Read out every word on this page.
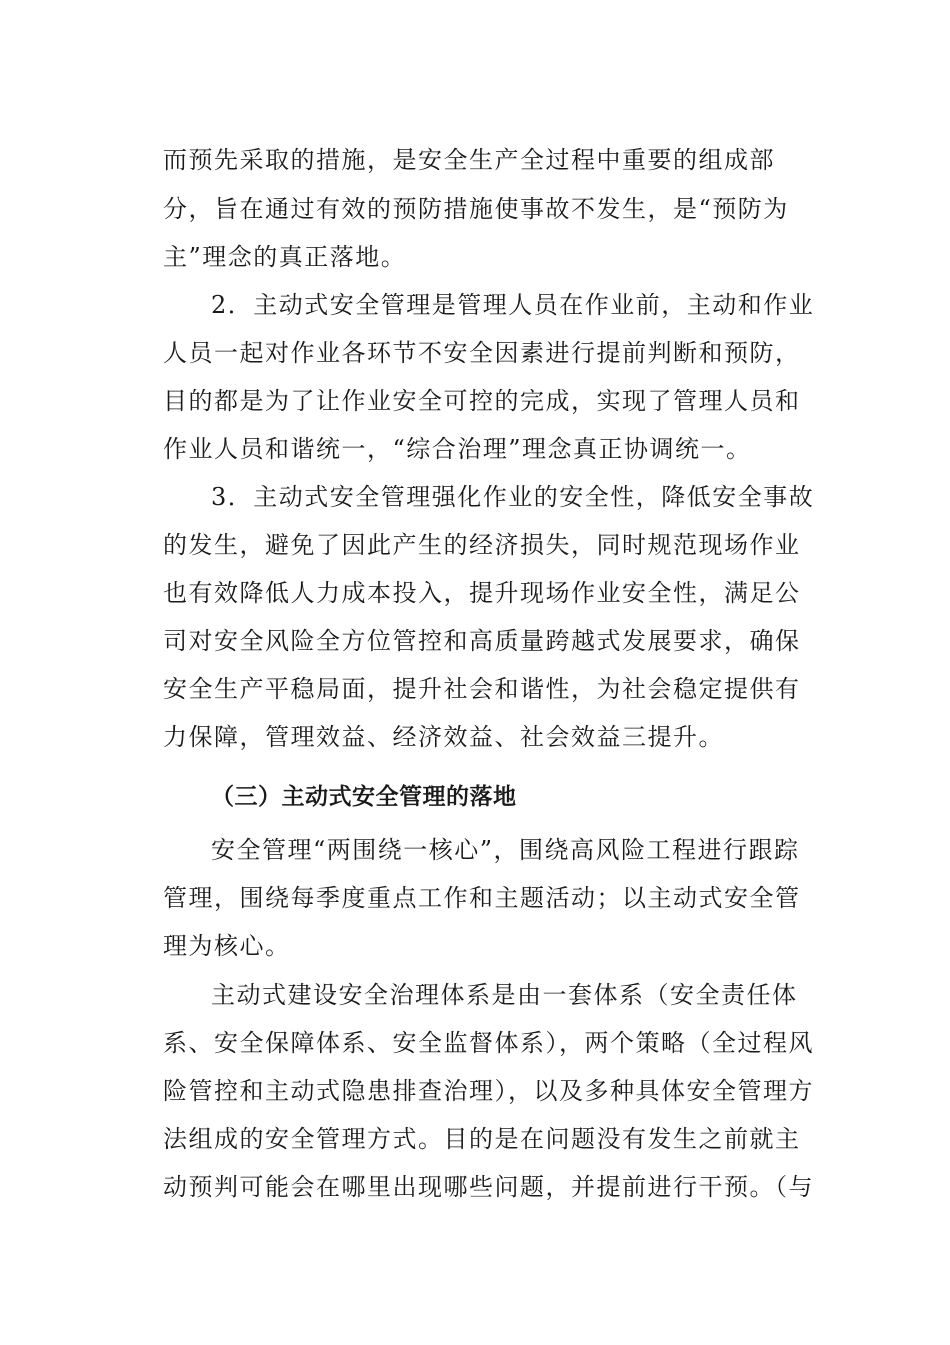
而预先采取的措施，是安全生产全过程中重要的组成部
分，旨在通过有效的预防措施使事故不发生，是“预防为
主”理念的真正落地。
2．主动式安全管理是管理人员在作业前，主动和作业
人员一起对作业各环节不安全因素进行提前判断和预防，
目的都是为了让作业安全可控的完成，实现了管理人员和
作业人员和谐统一，“综合治理”理念真正协调统一。
3．主动式安全管理强化作业的安全性，降低安全事故
的发生，避免了因此产生的经济损失，同时规范现场作业
也有效降低人力成本投入，提升现场作业安全性，满足公
司对安全风险全方位管控和高质量跨越式发展要求，确保
安全生产平稳局面，提升社会和谐性，为社会稳定提供有
力保障，管理效益、经济效益、社会效益三提升。
（三）主动式安全管理的落地
安全管理“两围绕一核心”，围绕高风险工程进行跟踪
管理，围绕每季度重点工作和主题活动；以主动式安全管
理为核心。
主动式建设安全治理体系是由一套体系（安全责任体
系、安全保障体系、安全监督体系），两个策略（全过程风
险管控和主动式隐患排查治理），以及多种具体安全管理方
法组成的安全管理方式。目的是在问题没有发生之前就主
动预判可能会在哪里出现哪些问题，并提前进行干预。（与
